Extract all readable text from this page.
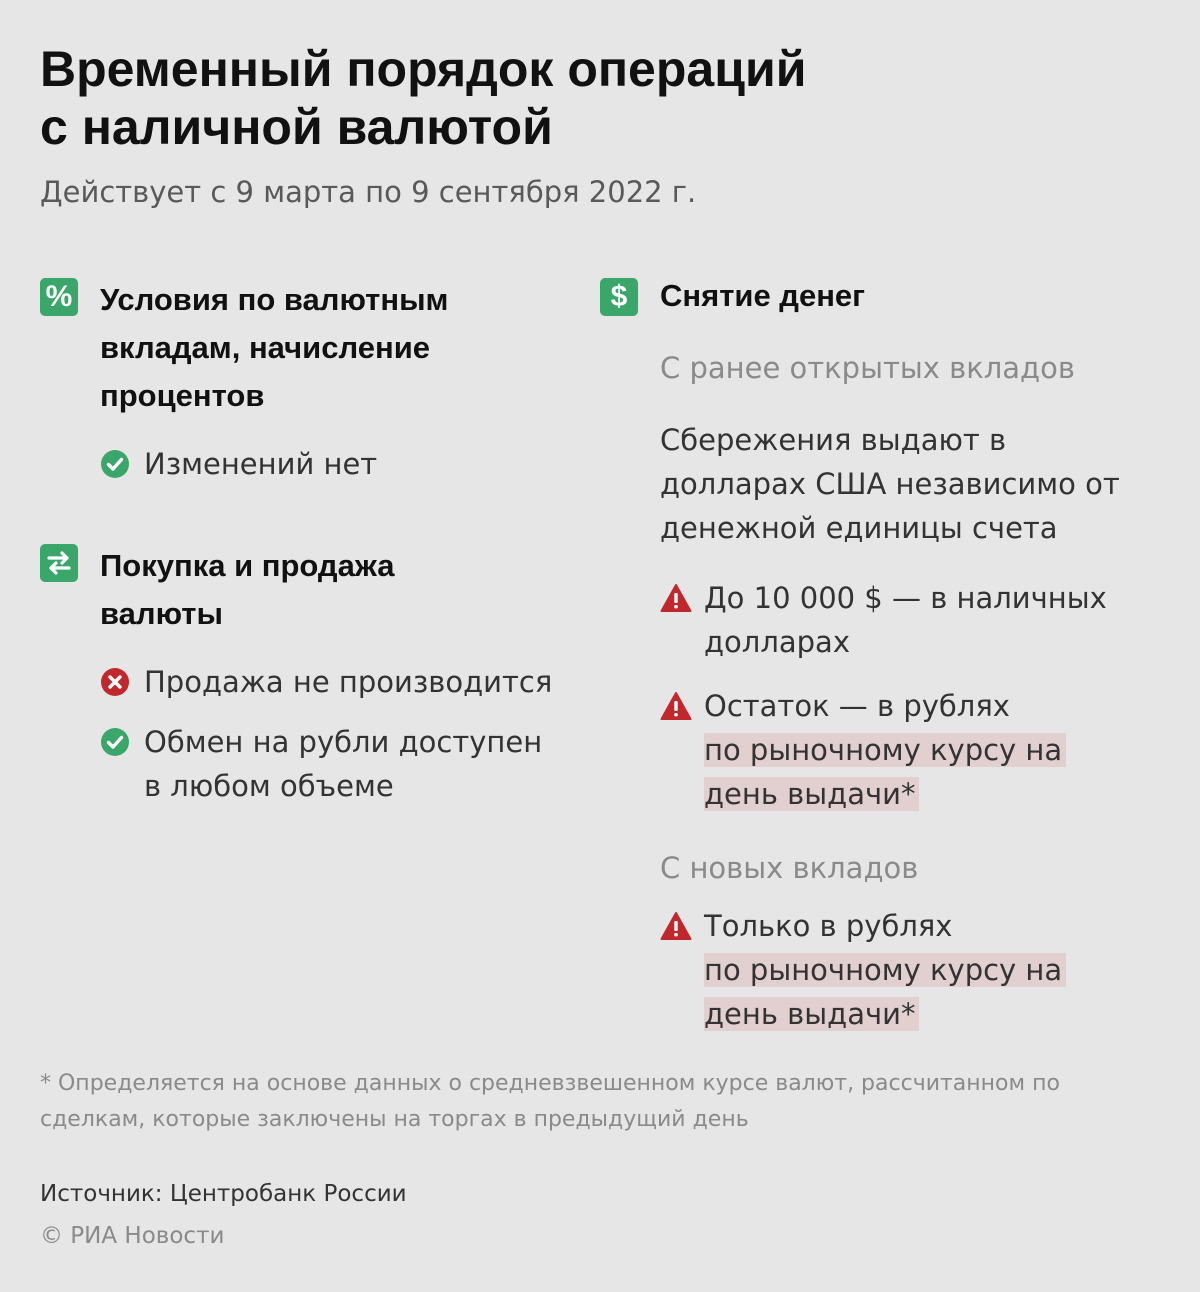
Временный порядок операций
с наличной валютой
Действует с 9 марта по 9 сентября 2022 г.
% Условия по валютным вкладам, начисление процентов
Изменений нет
Покупка и продажа валюты
Продажа не производится
Обмен на рубли доступен в любом объеме
$ Снятие денег
С ранее открытых вкладов
Сбережения выдают в долларах США независимо от денежной единицы счета
До 10 000 $ — в наличных долларах
Остаток — в рублях
по рыночному курсу на день выдачи*
С новых вкладов
Только в рублях
по рыночному курсу на день выдачи*
* Определяется на основе данных о средневзвешенном курсе валют, рассчитанном по сделкам, которые заключены на торгах в предыдущий день
Источник: Центробанк России
© РИА Новости
